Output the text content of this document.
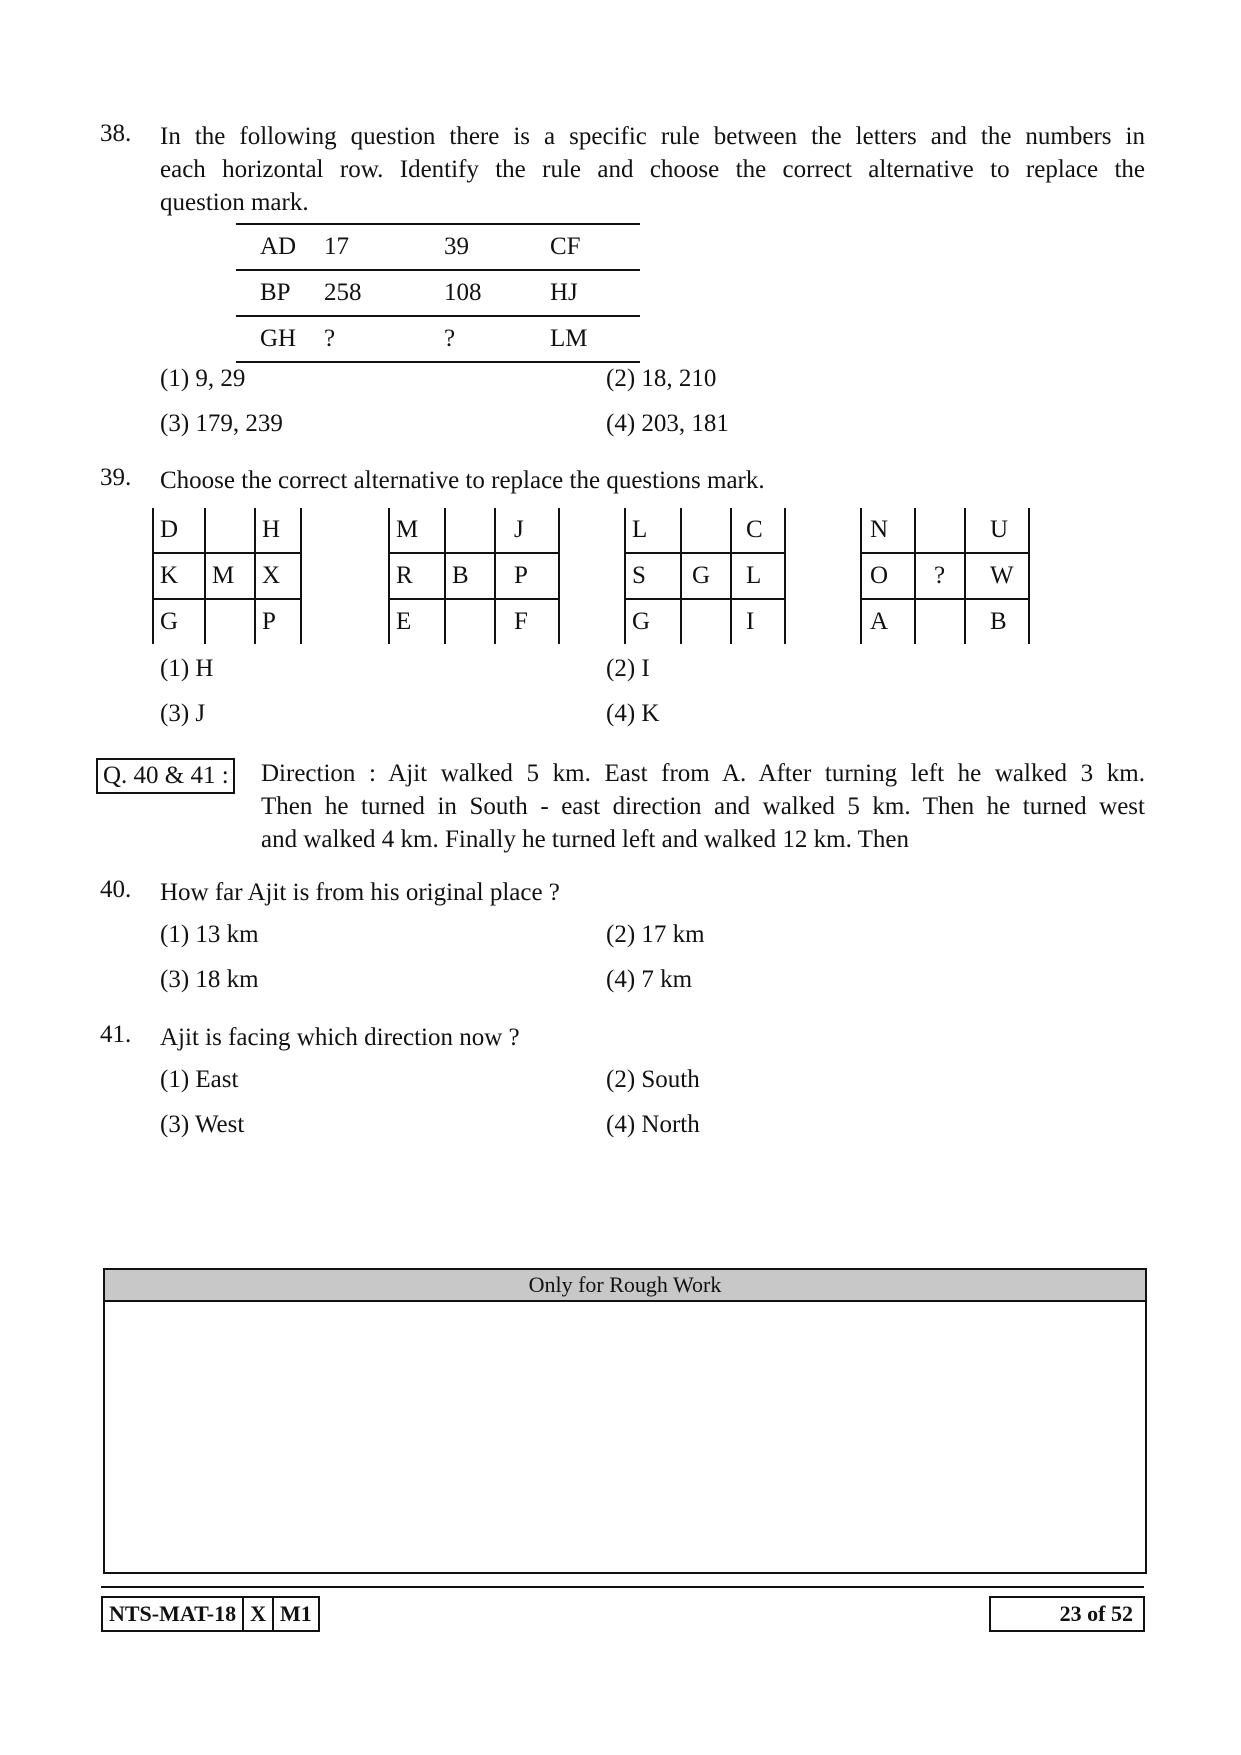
38. In the following question there is a specific rule between the letters and the numbers in
each horizontal row. Identify the rule and choose the correct alternative to replace the
question mark.
AD	17	39	CF
BP	258	108	HJ
GH	?	?	LM
(1) 9, 29	(2) 18, 210
(3) 179, 239	(4) 203, 181
39. Choose the correct alternative to replace the questions mark.
D		H
K	M	X
G		P
M		J
R	B	P
E		F
L		C
S	G	L
G		I
N		U
O	?	W
A		B
(1) H	(2) I
(3) J	(4) K
Q. 40 & 41 : Direction : Ajit walked 5 km. East from A. After turning left he walked 3 km.
Then he turned in South - east direction and walked 5 km. Then he turned west
and walked 4 km. Finally he turned left and walked 12 km. Then
40. How far Ajit is from his original place ?
(1) 13 km	(2) 17 km
(3) 18 km	(4) 7 km
41. Ajit is facing which direction now ?
(1) East	(2) South
(3) West	(4) North
Only for Rough Work
NTS-MAT-18 X M1	23 of 52
